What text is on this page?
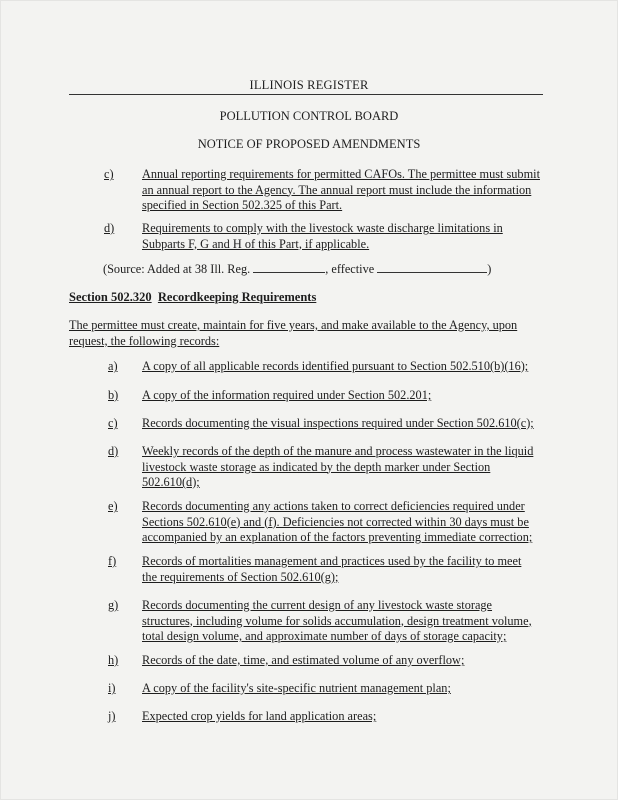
ILLINOIS REGISTER
POLLUTION CONTROL BOARD
NOTICE OF PROPOSED AMENDMENTS
c) Annual reporting requirements for permitted CAFOs. The permittee must submit an annual report to the Agency. The annual report must include the information specified in Section 502.325 of this Part.
d) Requirements to comply with the livestock waste discharge limitations in Subparts F, G and H of this Part, if applicable.
(Source: Added at 38 Ill. Reg.	, effective	)
Section 502.320 Recordkeeping Requirements
The permittee must create, maintain for five years, and make available to the Agency, upon request, the following records:
a) A copy of all applicable records identified pursuant to Section 502.510(b)(16);
b) A copy of the information required under Section 502.201;
c) Records documenting the visual inspections required under Section 502.610(c);
d) Weekly records of the depth of the manure and process wastewater in the liquid livestock waste storage as indicated by the depth marker under Section 502.610(d);
e) Records documenting any actions taken to correct deficiencies required under Sections 502.610(e) and (f). Deficiencies not corrected within 30 days must be accompanied by an explanation of the factors preventing immediate correction;
f) Records of mortalities management and practices used by the facility to meet the requirements of Section 502.610(g);
g) Records documenting the current design of any livestock waste storage structures, including volume for solids accumulation, design treatment volume, total design volume, and approximate number of days of storage capacity;
h) Records of the date, time, and estimated volume of any overflow;
i) A copy of the facility's site-specific nutrient management plan;
j) Expected crop yields for land application areas;
